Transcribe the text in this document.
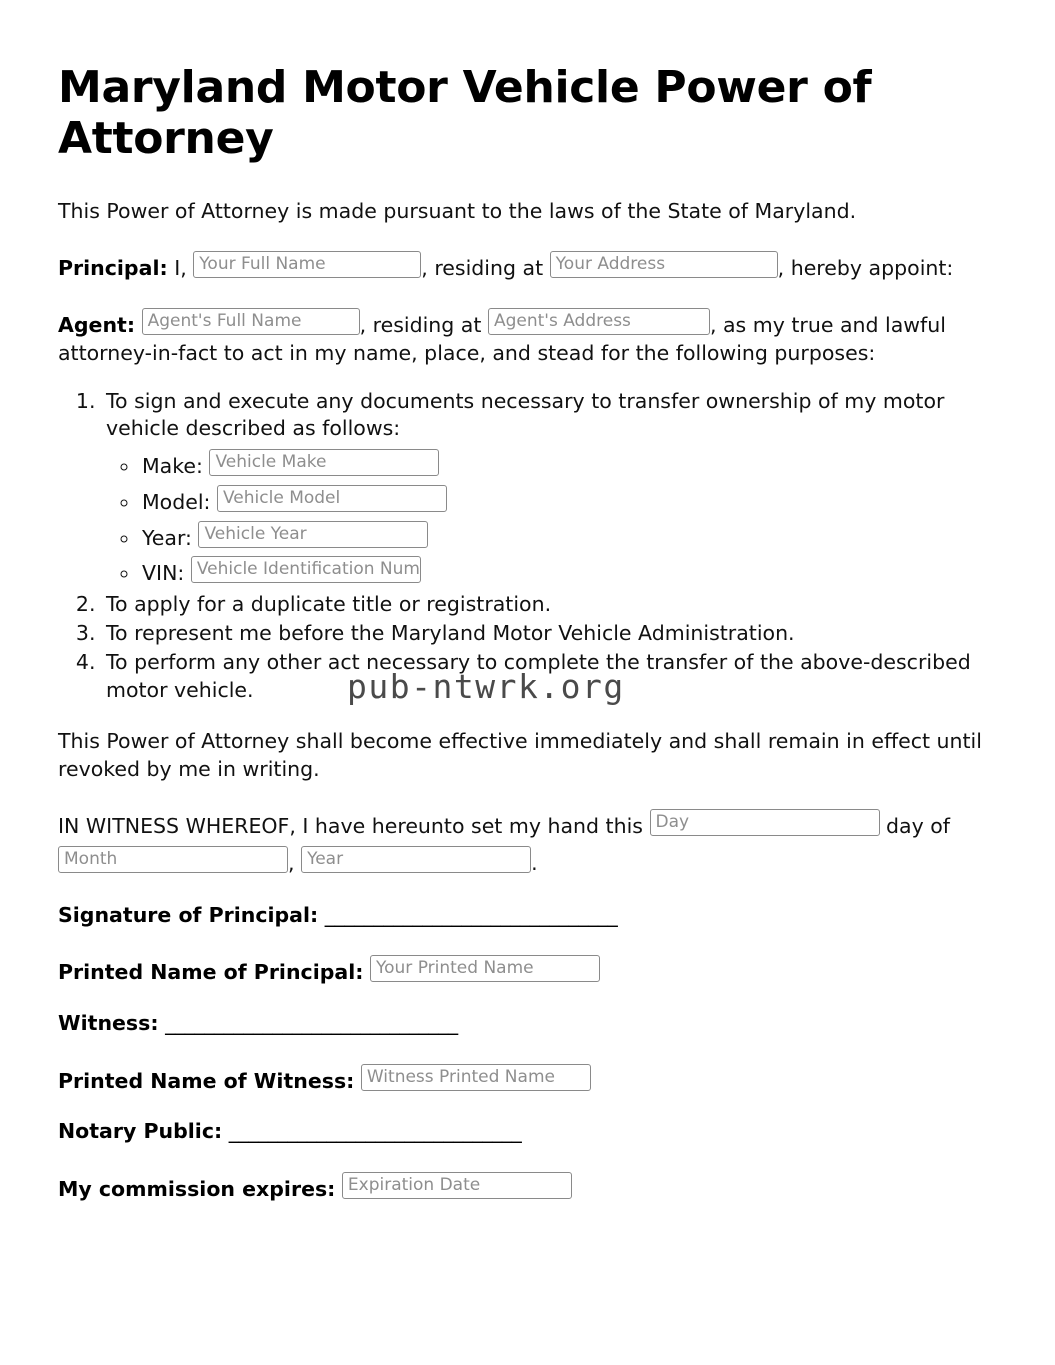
Maryland Motor Vehicle Power of Attorney

This Power of Attorney is made pursuant to the laws of the State of Maryland.

Principal: I, Your Full Name	, residing at Your Address	, hereby appoint:

Agent: Agent's Full Name	, residing at Agent's Address	, as my true and lawful attorney-in-fact to act in my name, place, and stead for the following purposes:

1. To sign and execute any documents necessary to transfer ownership of my motor vehicle described as follows:
◦ Make: Vehicle Make
◦ Model: Vehicle Model
◦ Year: Vehicle Year
◦ VIN: Vehicle Identification Num
2. To apply for a duplicate title or registration.
3. To represent me before the Maryland Motor Vehicle Administration.
4. To perform any other act necessary to complete the transfer of the above-described motor vehicle.

This Power of Attorney shall become effective immediately and shall remain in effect until revoked by me in writing.

pub-ntwrk.org

IN WITNESS WHEREOF, I have hereunto set my hand this Day	day of Month	, Year	.

Signature of Principal: ______________________________

Printed Name of Principal: Your Printed Name

Witness: ______________________________

Printed Name of Witness: Witness Printed Name

Notary Public: ______________________________

My commission expires: Expiration Date
